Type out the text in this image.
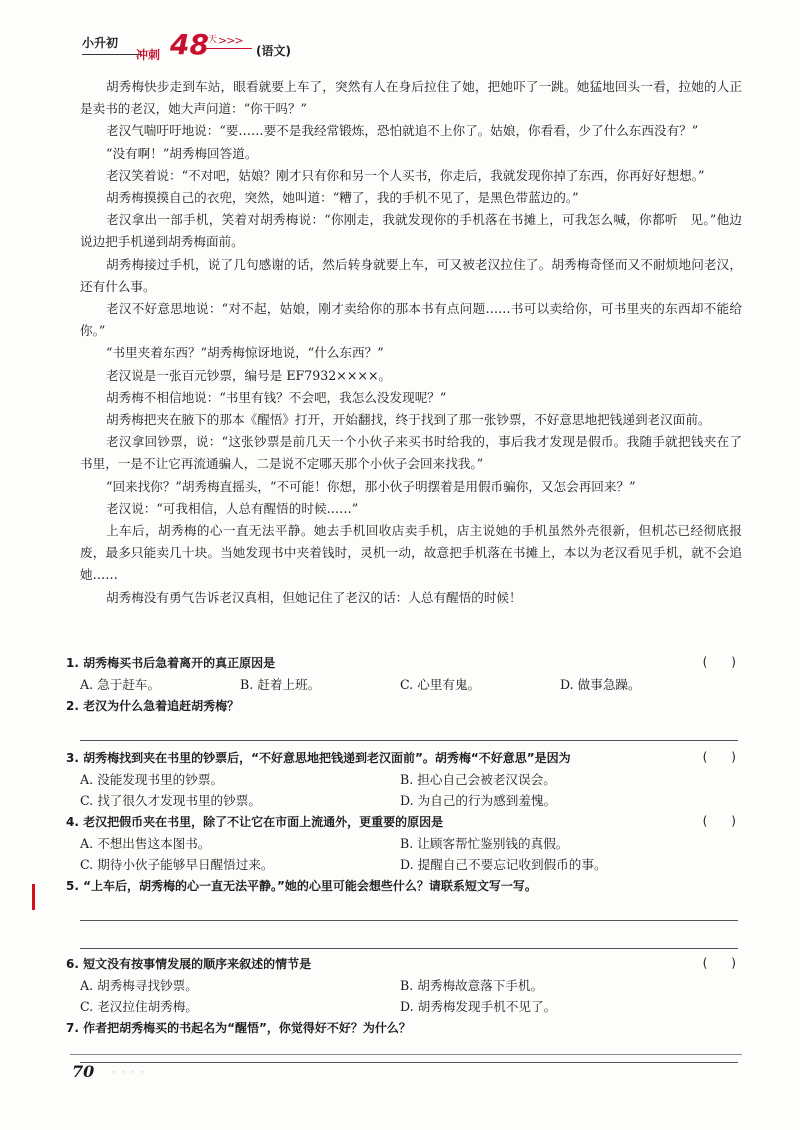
小升初
冲刺 48 天 >>>
(语文)

胡秀梅快步走到车站，眼看就要上车了，突然有人在身后拉住了她，把她吓了一跳。她猛地回头一看，拉她的人正是卖书的老汉，她大声问道：“你干吗？”

老汉气喘吁吁地说：“要……要不是我经常锻炼，恐怕就追不上你了。姑娘，你看看，少了什么东西没有？”

“没有啊！”胡秀梅回答道。

老汉笑着说：“不对吧，姑娘？刚才只有你和另一个人买书，你走后，我就发现你掉了东西，你再好好想想。”

胡秀梅摸摸自己的衣兜，突然，她叫道：“糟了，我的手机不见了，是黑色带蓝边的。”

老汉拿出一部手机，笑着对胡秀梅说：“你刚走，我就发现你的手机落在书摊上，可我怎么喊，你都听　见。”他边说边把手机递到胡秀梅面前。

胡秀梅接过手机，说了几句感谢的话，然后转身就要上车，可又被老汉拉住了。胡秀梅奇怪而又不耐烦地问老汉，还有什么事。

老汉不好意思地说：“对不起，姑娘，刚才卖给你的那本书有点问题……书可以卖给你，可书里夹的东西却不能给你。”

“书里夹着东西？”胡秀梅惊讶地说，“什么东西？”

老汉说是一张百元钞票，编号是 EF7932××××。

胡秀梅不相信地说：“书里有钱？不会吧，我怎么没发现呢？”

胡秀梅把夹在腋下的那本《醒悟》打开，开始翻找，终于找到了那一张钞票，不好意思地把钱递到老汉面前。

老汉拿回钞票，说：“这张钞票是前几天一个小伙子来买书时给我的，事后我才发现是假币。我随手就把钱夹在了书里，一是不让它再流通骗人，二是说不定哪天那个小伙子会回来找我。”

“回来找你？”胡秀梅直摇头，“不可能！你想，那小伙子明摆着是用假币骗你，又怎会再回来？”

老汉说：“可我相信，人总有醒悟的时候……”

上车后，胡秀梅的心一直无法平静。她去手机回收店卖手机，店主说她的手机虽然外壳很新，但机芯已经彻底报废，最多只能卖几十块。当她发现书中夹着钱时，灵机一动，故意把手机落在书摊上，本以为老汉看见手机，就不会追她……

胡秀梅没有勇气告诉老汉真相，但她记住了老汉的话：人总有醒悟的时候！

1. 胡秀梅买书后急着离开的真正原因是	(　　)
A. 急于赶车。	B. 赶着上班。	C. 心里有鬼。	D. 做事急躁。
2. 老汉为什么急着追赶胡秀梅？
3. 胡秀梅找到夹在书里的钞票后，“不好意思地把钱递到老汉面前”。胡秀梅“不好意思”是因为	(　　)
A. 没能发现书里的钞票。	B. 担心自己会被老汉误会。
C. 找了很久才发现书里的钞票。	D. 为自己的行为感到羞愧。
4. 老汉把假币夹在书里，除了不让它在市面上流通外，更重要的原因是	(　　)
A. 不想出售这本图书。	B. 让顾客帮忙鉴别钱的真假。
C. 期待小伙子能够早日醒悟过来。	D. 提醒自己不要忘记收到假币的事。
5. “上车后，胡秀梅的心一直无法平静。”她的心里可能会想些什么？请联系短文写一写。
6. 短文没有按事情发展的顺序来叙述的情节是	(　　)
A. 胡秀梅寻找钞票。	B. 胡秀梅故意落下手机。
C. 老汉拉住胡秀梅。	D. 胡秀梅发现手机不见了。
7. 作者把胡秀梅买的书起名为“醒悟”，你觉得好不好？为什么？
70 · · · ·
